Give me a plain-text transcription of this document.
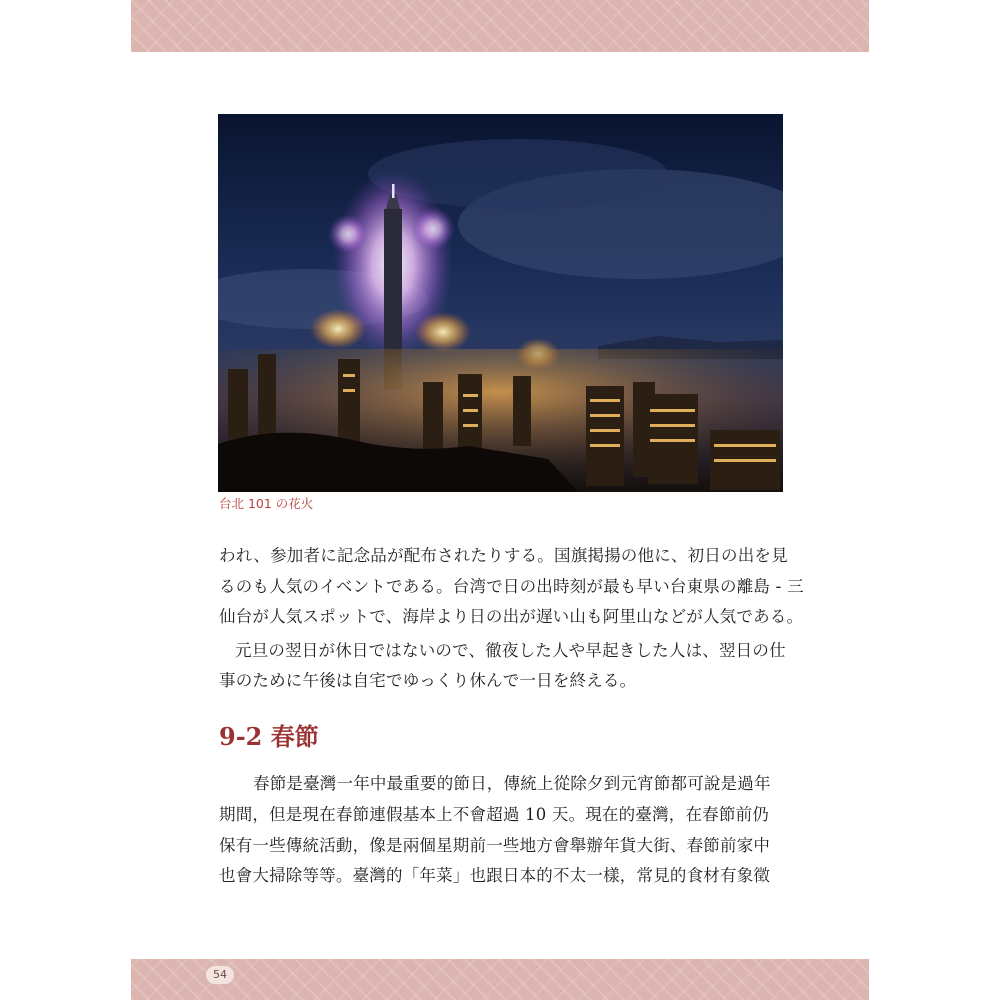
台北 101 の花火
われ、参加者に記念品が配布されたりする。国旗掲揚の他に、初日の出を見
るのも人気のイベントである。台湾で日の出時刻が最も早い台東県の離島 - 三
仙台が人気スポットで、海岸より日の出が遅い山も阿里山などが人気である。
元旦の翌日が休日ではないので、徹夜した人や早起きした人は、翌日の仕
事のために午後は自宅でゆっくり休んで一日を終える。
9-2 春節
春節是臺灣一年中最重要的節日，傳統上從除夕到元宵節都可說是過年
期間，但是現在春節連假基本上不會超過 10 天。現在的臺灣，在春節前仍
保有一些傳統活動，像是兩個星期前一些地方會舉辦年貨大街、春節前家中
也會大掃除等等。臺灣的「年菜」也跟日本的不太一樣，常見的食材有象徵
54
